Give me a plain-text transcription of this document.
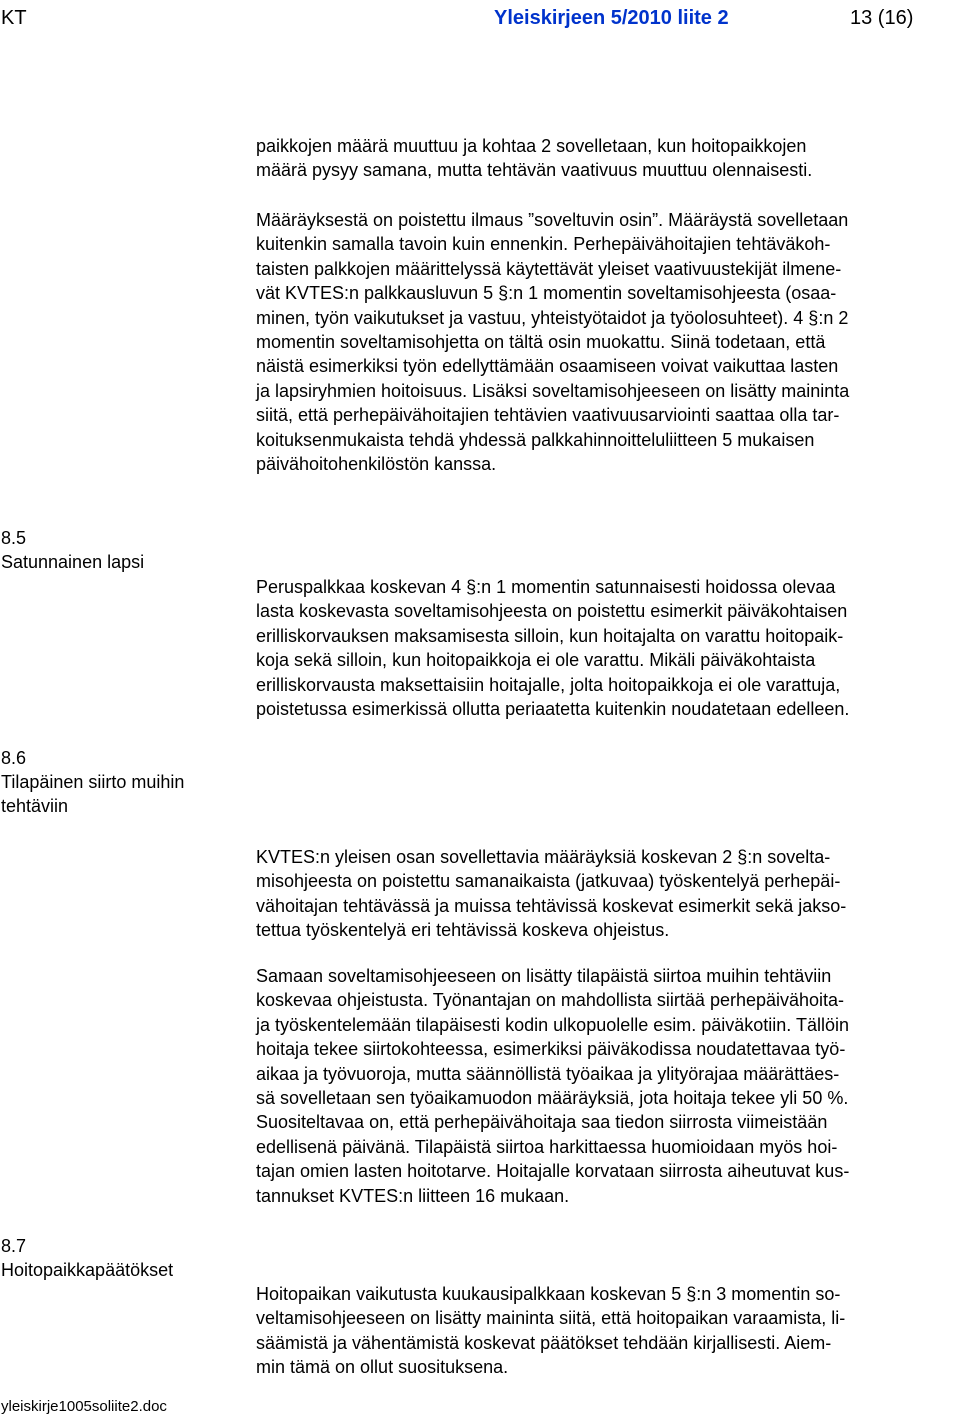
KT	Yleiskirjeen 5/2010 liite 2	13 (16)

paikkojen määrä muuttuu ja kohtaa 2 sovelletaan, kun hoitopaikkojen
määrä pysyy samana, mutta tehtävän vaativuus muuttuu olennaisesti.

Määräyksestä on poistettu ilmaus ”soveltuvin osin”. Määräystä sovelletaan
kuitenkin samalla tavoin kuin ennenkin. Perhepäivähoitajien tehtäväkoh-
taisten palkkojen määrittelyssä käytettävät yleiset vaativuustekijät ilmene-
vät KVTES:n palkkausluvun 5 §:n 1 momentin soveltamisohjeesta (osaa-
minen, työn vaikutukset ja vastuu, yhteistyötaidot ja työolosuhteet). 4 §:n 2
momentin soveltamisohjetta on tältä osin muokattu. Siinä todetaan, että
näistä esimerkiksi työn edellyttämään osaamiseen voivat vaikuttaa lasten
ja lapsiryhmien hoitoisuus. Lisäksi soveltamisohjeeseen on lisätty maininta
siitä, että perhepäivähoitajien tehtävien vaativuusarviointi saattaa olla tar-
koituksenmukaista tehdä yhdessä palkkahinnoitteluliitteen 5 mukaisen
päivähoitohenkilöstön kanssa.

8.5
Satunnainen lapsi

Peruspalkkaa koskevan 4 §:n 1 momentin satunnaisesti hoidossa olevaa
lasta koskevasta soveltamisohjeesta on poistettu esimerkit päiväkohtaisen
erilliskorvauksen maksamisesta silloin, kun hoitajalta on varattu hoitopaik-
koja sekä silloin, kun hoitopaikkoja ei ole varattu. Mikäli päiväkohtaista
erilliskorvausta maksettaisiin hoitajalle, jolta hoitopaikkoja ei ole varattuja,
poistetussa esimerkissä ollutta periaatetta kuitenkin noudatetaan edelleen.

8.6
Tilapäinen siirto muihin tehtäviin

KVTES:n yleisen osan sovellettavia määräyksiä koskevan 2 §:n sovelta-
misohjeesta on poistettu samanaikaista (jatkuvaa) työskentelyä perhepäi-
vähoitajan tehtävässä ja muissa tehtävissä koskevat esimerkit sekä jakso-
tettua työskentelyä eri tehtävissä koskeva ohjeistus.

Samaan soveltamisohjeeseen on lisätty tilapäistä siirtoa muihin tehtäviin
koskevaa ohjeistusta. Työnantajan on mahdollista siirtää perhepäivähoita-
ja työskentelemään tilapäisesti kodin ulkopuolelle esim. päiväkotiin. Tällöin
hoitaja tekee siirtokohteessa, esimerkiksi päiväkodissa noudatettavaa työ-
aikaa ja työvuoroja, mutta säännöllistä työaikaa ja ylityörajaa määrättäes-
sä sovelletaan sen työaikamuodon määräyksiä, jota hoitaja tekee yli 50 %.
Suositeltavaa on, että perhepäivähoitaja saa tiedon siirrosta viimeistään
edellisenä päivänä. Tilapäistä siirtoa harkittaessa huomioidaan myös hoi-
tajan omien lasten hoitotarve. Hoitajalle korvataan siirrosta aiheutuvat kus-
tannukset KVTES:n liitteen 16 mukaan.

8.7
Hoitopaikkapäätökset

Hoitopaikan vaikutusta kuukausipalkkaan koskevan 5 §:n 3 momentin so-
veltamisohjeeseen on lisätty maininta siitä, että hoitopaikan varaamista, li-
säämistä ja vähentämistä koskevat päätökset tehdään kirjallisesti. Aiem-
min tämä on ollut suosituksena.

yleiskirje1005soliite2.doc
